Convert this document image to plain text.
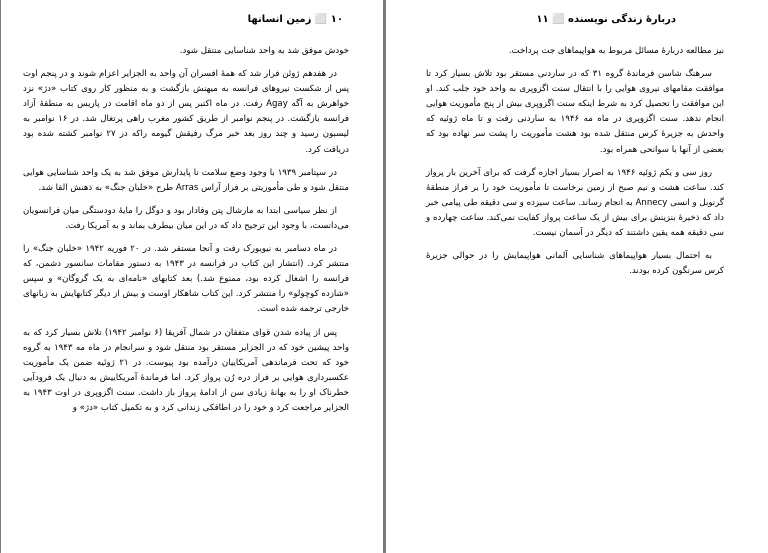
۱۰ ⬜ زمین انسانها

خودش موفق شد به واحد شناسایی منتقل شود.

در هفدهم ژوئن فرار شد که همهٔ افسران آن واحد به الجزایر اعزام شوند و در پنجم اوت پس از شکست نیروهای فرانسه به میهنش بازگشت و به منظور کار روی کتاب «دژ» نزد خواهرش به آگه Agay رفت. در ماه اکتبر پس از دو ماه اقامت در پاریس به منطقهٔ آزاد فرانسه بازگشت. در پنجم نوامبر از طریق کشور مغرب راهی پرتغال شد. در ۱۶ نوامبر به لیسبون رسید و چند روز بعد خبر مرگ رفیقش گیومه راکه در ۲۷ نوامبر کشته شده بود دریافت کرد.

در سپتامبر ۱۹۳۹ با وجود وضع سلامت نا پایدارش موفق شد به یک واحد شناسایی هوایی منتقل شود و طی مأموریتی بر فراز آراس Arras طرح «خلبان جنگ» به ذهنش القا شد.

از نظر سیاسی ابتدا به مارشال پتن وفادار بود و دوگل را مایهٔ دودستگی میان فرانسویان می‌دانست، با وجود این ترجیح داد که در این میان بیطرف بماند و به آمریکا رفت.

در ماه دسامبر به نیویورک رفت و آنجا مستقر شد. در ۲۰ فوریه ۱۹۴۲ «خلبان جنگ» را منتشر کرد. (انتشار این کتاب در فرانسه در ۱۹۴۳ به دستور مقامات سانسور دشمن، که فرانسه را اشغال کرده بود، ممنوع شد.) بعد کتابهای «نامه‌ای به یک گروگان» و سپس «شازده کوچولو» را منتشر کرد. این کتاب شاهکار اوست و بیش از دیگر کتابهایش به زبانهای خارجی ترجمه شده است.

پس از پیاده شدن قوای متفقان در شمال آفریقا (۶ نوامبر ۱۹۴۲) تلاش بسیار کرد که به واحد پیشین خود که در الجزایر مستقر بود منتقل شود و سرانجام در ماه مه ۱۹۴۳ به گروه خود که تحت فرماندهی آمریکاییان درآمده بود پیوست. در ۲۱ ژوئیه ضمن یک مأموریت عکسبرداری هوایی بر فراز دره رُن پرواز کرد. اما فرماندهٔ آمریکاییش به دنبال یک فرودآیی خطرناک او را به بهانهٔ زیادی سن از ادامهٔ پرواز باز داشت. سنت اگزوپری در اوت ۱۹۴۳ به الجزایر مراجعت کرد و خود را در اطاقکی زندانی کرد و به تکمیل کتاب «دژ» و

دربارهٔ زندگی نویسنده ⬜ ۱۱

نیز مطالعه دربارهٔ مسائل مربوط به هواپیماهای جت پرداخت.

سرهنگ شاسن فرماندهٔ گروه ۳۱ که در ساردنی مستقر بود تلاش بسیار کرد تا موافقت مقامهای نیروی هوایی را با انتقال سنت اگزوپری به واحد خود جلب کند. او این موافقت را تحصیل کرد به شرط اینکه سنت اگزوپری بیش از پنج مأموریت هوایی انجام ندهد. سنت اگزوپری در ماه مه ۱۹۴۶ به ساردنی رفت و تا ماه ژوئیه که واحدش به جزیرهٔ کرس منتقل شده بود هشت مأموریت را پشت سر نهاده بود که بعضی از آنها با سوانحی همراه بود.

روز سی و یکم ژوئیه ۱۹۴۶ به اصرار بسیار اجازه گرفت که برای آخرین بار پرواز کند. ساعت هشت و نیم صبح از زمین برخاست تا مأموریت خود را بر فراز منطقهٔ گرنوبل و انسی Annecy به انجام رساند. ساعت سیزده و سی دقیقه طی پیامی خبر داد که ذخیرهٔ بنزینش برای بیش از یک ساعت پرواز کفایت نمی‌کند. ساعت چهارده و سی دقیقه همه یقین داشتند که دیگر در آسمان نیست.

به احتمال بسیار هواپیماهای شناسایی آلمانی هواپیمایش را در حوالی جزیرهٔ کرس سرنگون کرده بودند.
